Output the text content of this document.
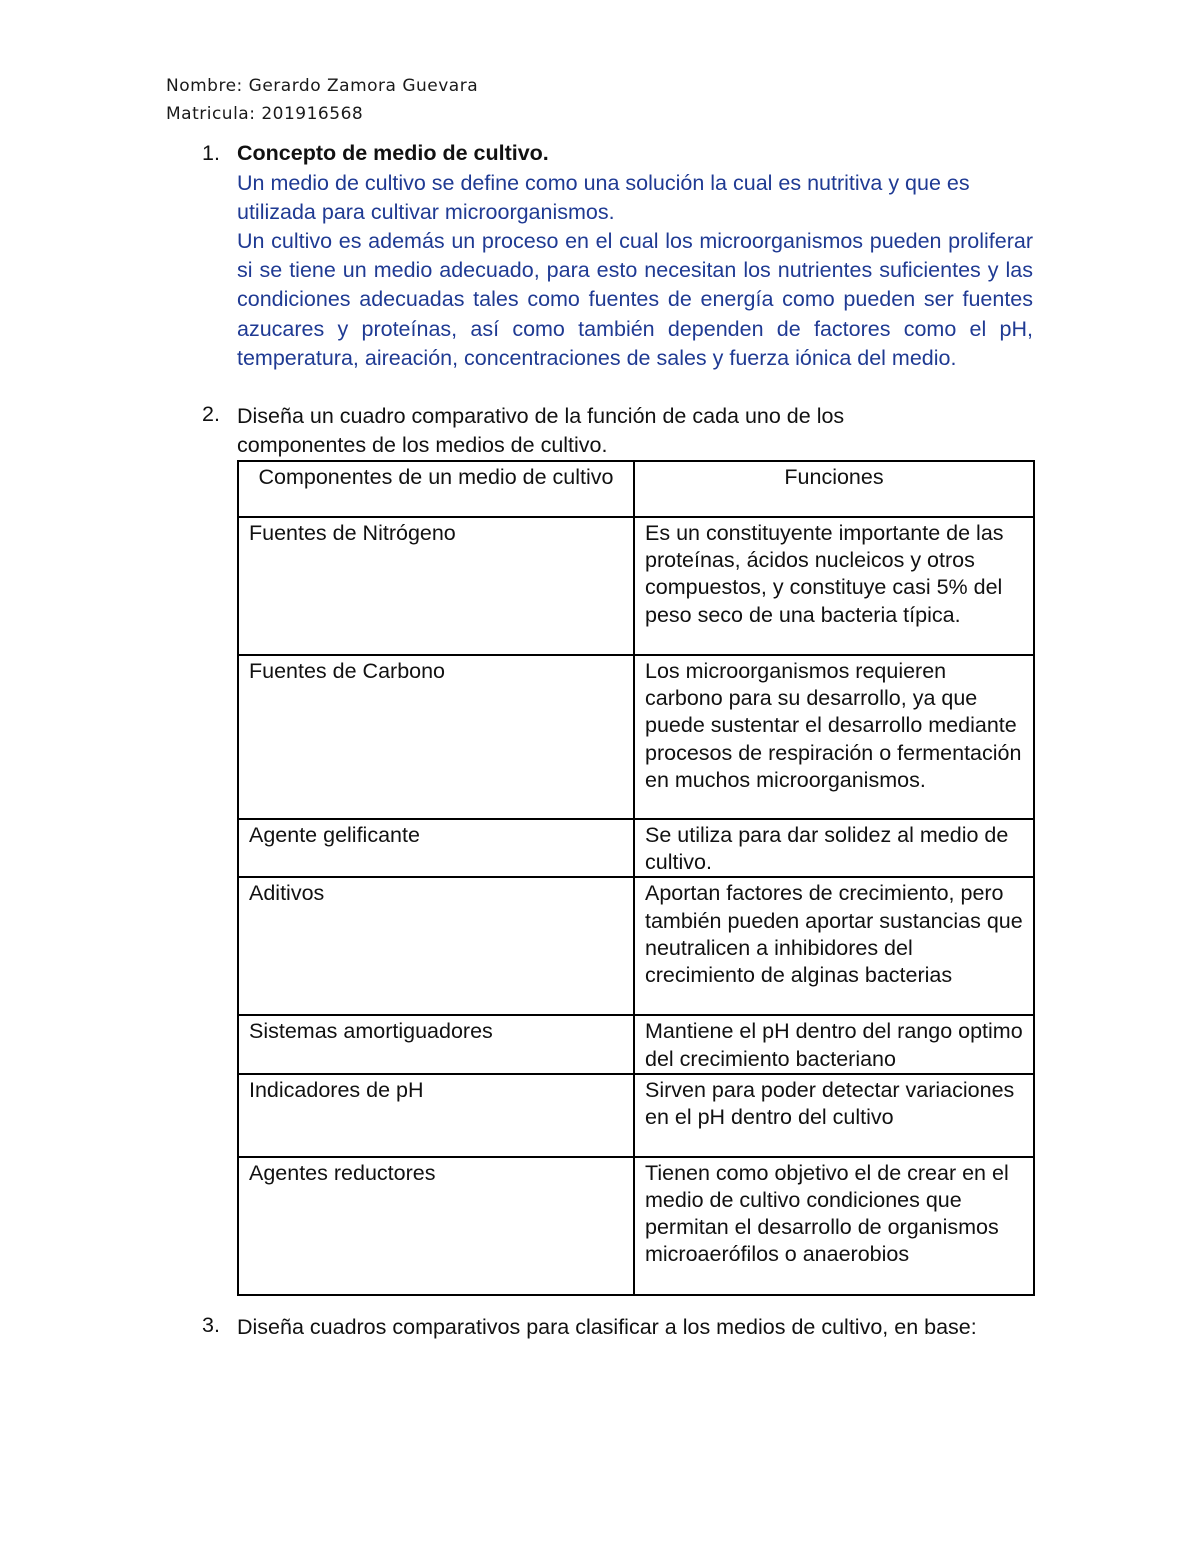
Nombre: Gerardo Zamora Guevara
Matricula: 201916568
1. Concepto de medio de cultivo.
Un medio de cultivo se define como una solución la cual es nutritiva y que es utilizada para cultivar microorganismos.
Un cultivo es además un proceso en el cual los microorganismos pueden proliferar si se tiene un medio adecuado, para esto necesitan los nutrientes suficientes y las condiciones adecuadas tales como fuentes de energía como pueden ser fuentes azucares y proteínas, así como también dependen de factores como el pH, temperatura, aireación, concentraciones de sales y fuerza iónica del medio.
2. Diseña un cuadro comparativo de la función de cada uno de los componentes de los medios de cultivo.
Componentes de un medio de cultivo	Funciones
Fuentes de Nitrógeno	Es un constituyente importante de las proteínas, ácidos nucleicos y otros compuestos, y constituye casi 5% del peso seco de una bacteria típica.
Fuentes de Carbono	Los microorganismos requieren carbono para su desarrollo, ya que puede sustentar el desarrollo mediante procesos de respiración o fermentación en muchos microorganismos.
Agente gelificante	Se utiliza para dar solidez al medio de cultivo.
Aditivos	Aportan factores de crecimiento, pero también pueden aportar sustancias que neutralicen a inhibidores del crecimiento de alginas bacterias
Sistemas amortiguadores	Mantiene el pH dentro del rango optimo del crecimiento bacteriano
Indicadores de pH	Sirven para poder detectar variaciones en el pH dentro del cultivo
Agentes reductores	Tienen como objetivo el de crear en el medio de cultivo condiciones que permitan el desarrollo de organismos microaerófilos o anaerobios
3. Diseña cuadros comparativos para clasificar a los medios de cultivo, en base:
